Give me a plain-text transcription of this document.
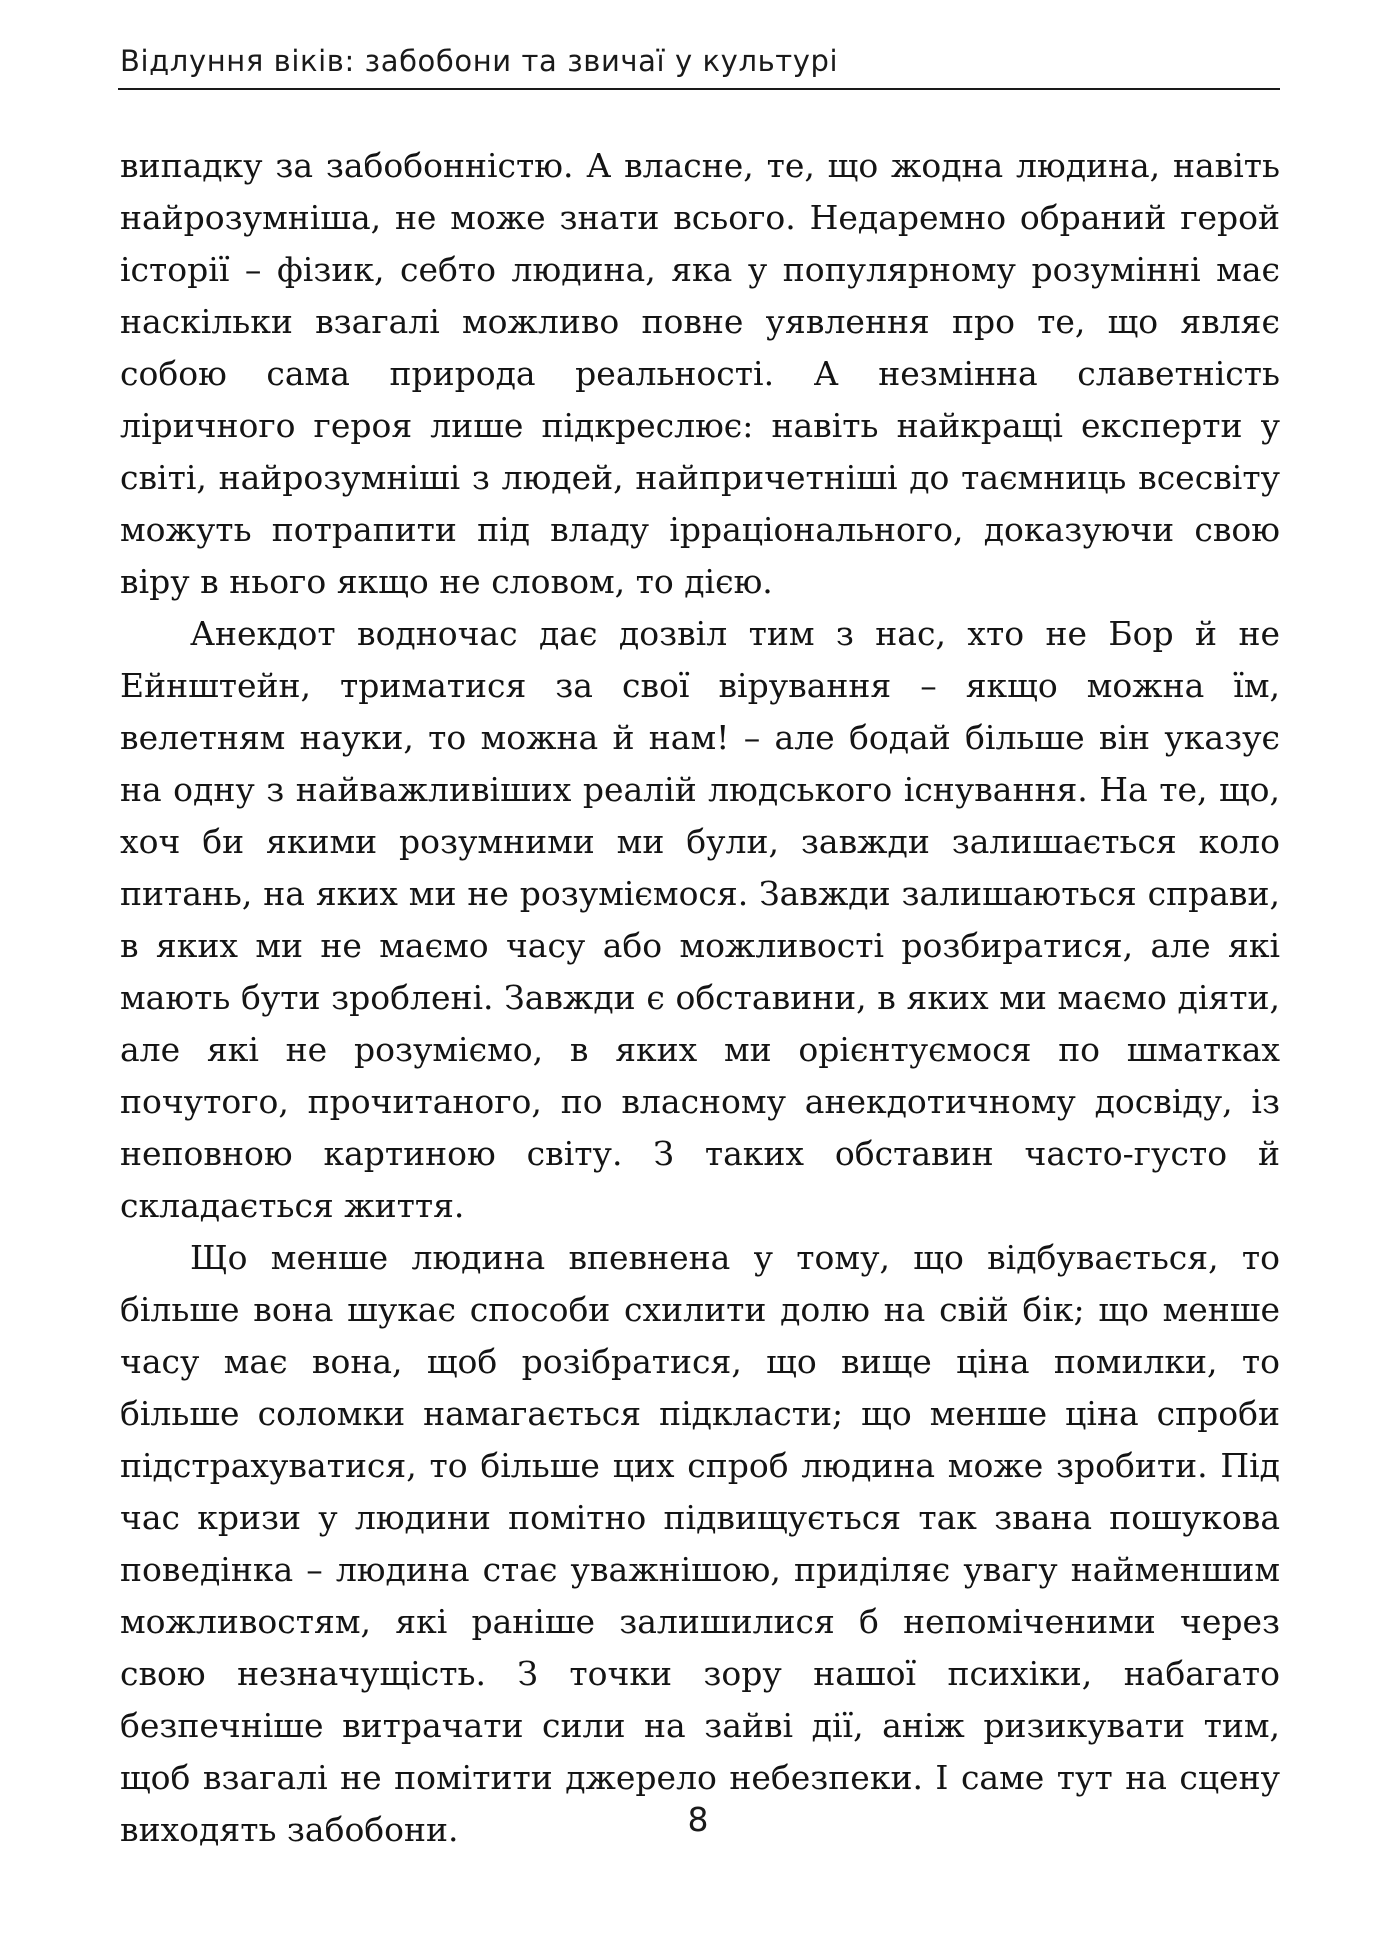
Відлуння віків: забобони та звичаї у культурі

випадку за забобонністю. А власне, те, що жодна людина, навіть найрозумніша, не може знати всього. Недаремно обраний герой історії – фізик, себто людина, яка у популярному розумінні має наскільки взагалі можливо повне уявлення про те, що являє собою сама природа реальності. А незмінна славетність ліричного героя лише підкреслює: навіть найкращі експерти у світі, найрозумніші з людей, найпричетніші до таємниць всесвіту можуть потрапити під владу ірраціонального, доказуючи свою віру в нього якщо не словом, то дією.

Анекдот водночас дає дозвіл тим з нас, хто не Бор й не Ейнштейн, триматися за свої вірування – якщо можна їм, велетням науки, то можна й нам! – але бодай більше він указує на одну з найважливіших реалій людського існування. На те, що, хоч би якими розумними ми були, завжди залишається коло питань, на яких ми не розуміємося. Завжди залишаються справи, в яких ми не маємо часу або можливості розбиратися, але які мають бути зроблені. Завжди є обставини, в яких ми маємо діяти, але які не розуміємо, в яких ми орієнтуємося по шматках почутого, прочитаного, по власному анекдотичному досвіду, із неповною картиною світу. З таких обставин часто-густо й складається життя.

Що менше людина впевнена у тому, що відбувається, то більше вона шукає способи схилити долю на свій бік; що менше часу має вона, щоб розібратися, що вище ціна помилки, то більше соломки намагається підкласти; що менше ціна спроби підстрахуватися, то більше цих спроб людина може зробити. Під час кризи у людини помітно підвищується так звана пошукова поведінка – людина стає уважнішою, приділяє увагу найменшим можливостям, які раніше залишилися б непоміченими через свою незначущість. З точки зору нашої психіки, набагато безпечніше витрачати сили на зайві дії, аніж ризикувати тим, щоб взагалі не помітити джерело небезпеки. І саме тут на сцену виходять забобони.	8
